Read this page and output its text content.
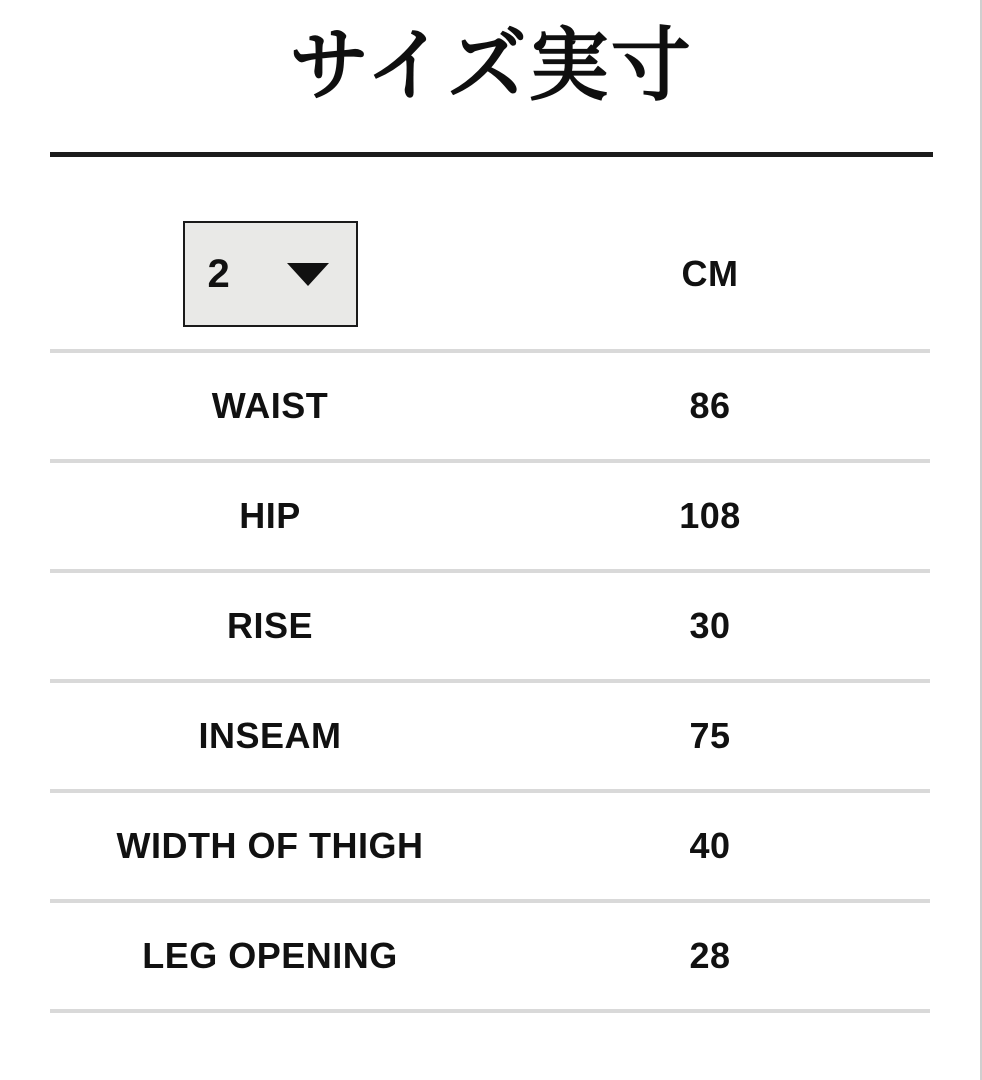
サイズ実寸
2	CM
WAIST	86
HIP	108
RISE	30
INSEAM	75
WIDTH OF THIGH	40
LEG OPENING	28
